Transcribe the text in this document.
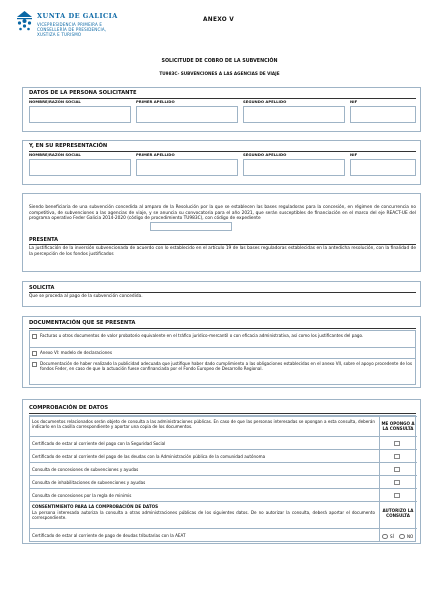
XUNTA DE GALICIA
VICEPRESIDENCIA PRIMEIRA E
CONSELLERÍA DE PRESIDENCIA,
XUSTIZA E TURISMO
ANEXO V
SOLICITUDE DE COBRO DE LA SUBVENCIÓN
TU983C- SUBVENCIONES A LAS AGENCIAS DE VIAJE
DATOS DE LA PERSONA SOLICITANTE
NOMBRE/RAZÓN SOCIAL	PRIMER APELLIDO	SEGUNDO APELLIDO	NIF
Y, EN SU REPRESENTACIÓN
NOMBRE/RAZÓN SOCIAL	PRIMER APELLIDO	SEGUNDO APELLIDO	NIF
Siendo beneficiaria de una subvención concedida al amparo de la Resolución por la que se establecen las bases reguladoras para la concesión, en régimen de concurrencia no competitiva, de subvenciones a las agencias de viaje, y se anuncia su convocatoria para el año 2021, que serán susceptibles de financiación en el marco del eje REACT-UE del programa operativo Feder Galicia 2014-2020 (código de procedimiento TU983C), con código de expediente
PRESENTA
La justificación de la inversión subvencionada de acuerdo con lo establecido en el artículo 19 de las bases reguladoras establecidas en la antedicha resolución, con la finalidad de la percepción de los fondos justificados
SOLICITA
Que se proceda al pago de la subvención concedida.
DOCUMENTACIÓN QUE SE PRESENTA
Facturas u otros documentos de valor probatorio equivalente en el tráfico jurídico-mercantil o con eficacia administrativa, así como los justificantes del pago.
Anexo VI: modelo de declaraciones
Documentación de haber realizado la publicidad adecuada que justifique haber dado cumplimiento a las obligaciones establecidas en el anexo VII, sobre el apoyo procedente de los fondos Feder, en caso de que la actuación fuese confinanciada por el Fondo Europeo de Desarrollo Regional.
COMPROBACIÓN DE DATOS
Los documentos relacionados serán objeto de consulta a las administraciones públicas. En caso de que las personas interesadas se opongan a esta consulta, deberán indicarlo en la casilla correspondiente y aportar una copia de los documentos.
ME OPONGO A LA CONSULTA
Certificado de estar al corriente del pago con la Seguridad Social
Certificado de estar al corriente del pago de las deudas con la Administración pública de la comunidad autónoma
Consulta de concesiones de subvenciones y ayudas
Consulta de inhabilitaciones de subvenciones y ayudas
Consulta de concesiones por la regla de minimis
CONSENTIMIENTO PARA LA COMPROBACIÓN DE DATOS
La persona interesada autoriza la consulta a otras administraciones públicas de los siguientes datos. De no autorizar la consulta, deberá aportar el documento correspondiente.
AUTORIZO LA CONSULTA
Certificado de estar al corriente de pago de deudas tributarias con la AEAT	SÍ	NO
